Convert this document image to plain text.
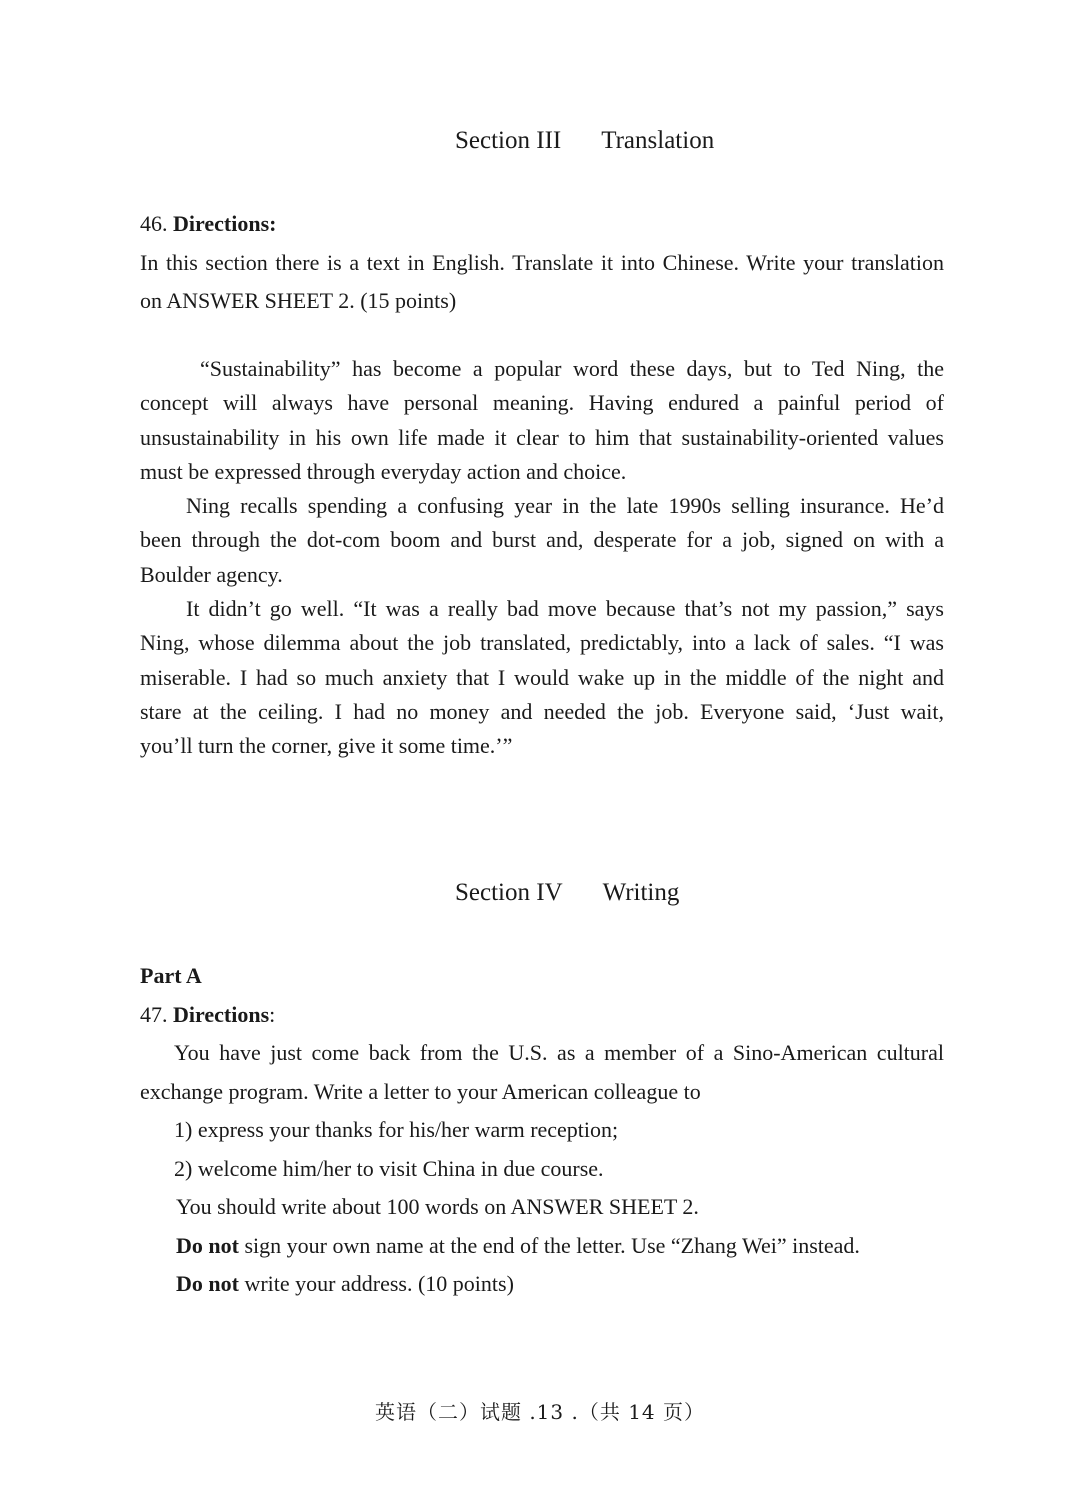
Section III Translation
46. Directions:
In this section there is a text in English. Translate it into Chinese. Write your translation
on ANSWER SHEET 2. (15 points)
“Sustainability” has become a popular word these days, but to Ted Ning, the
concept will always have personal meaning. Having endured a painful period of
unsustainability in his own life made it clear to him that sustainability-oriented values
must be expressed through everyday action and choice.
Ning recalls spending a confusing year in the late 1990s selling insurance. He’d
been through the dot-com boom and burst and, desperate for a job, signed on with a
Boulder agency.
It didn’t go well. “It was a really bad move because that’s not my passion,” says
Ning, whose dilemma about the job translated, predictably, into a lack of sales. “I was
miserable. I had so much anxiety that I would wake up in the middle of the night and
stare at the ceiling. I had no money and needed the job. Everyone said, ‘Just wait,
you’ll turn the corner, give it some time.’”
Section IV Writing
Part A
47. Directions:
You have just come back from the U.S. as a member of a Sino-American cultural
exchange program. Write a letter to your American colleague to
1) express your thanks for his/her warm reception;
2) welcome him/her to visit China in due course.
You should write about 100 words on ANSWER SHEET 2.
Do not sign your own name at the end of the letter. Use “Zhang Wei” instead.
Do not write your address. (10 points)
英语（二）试题 .13 .（共 14 页）
